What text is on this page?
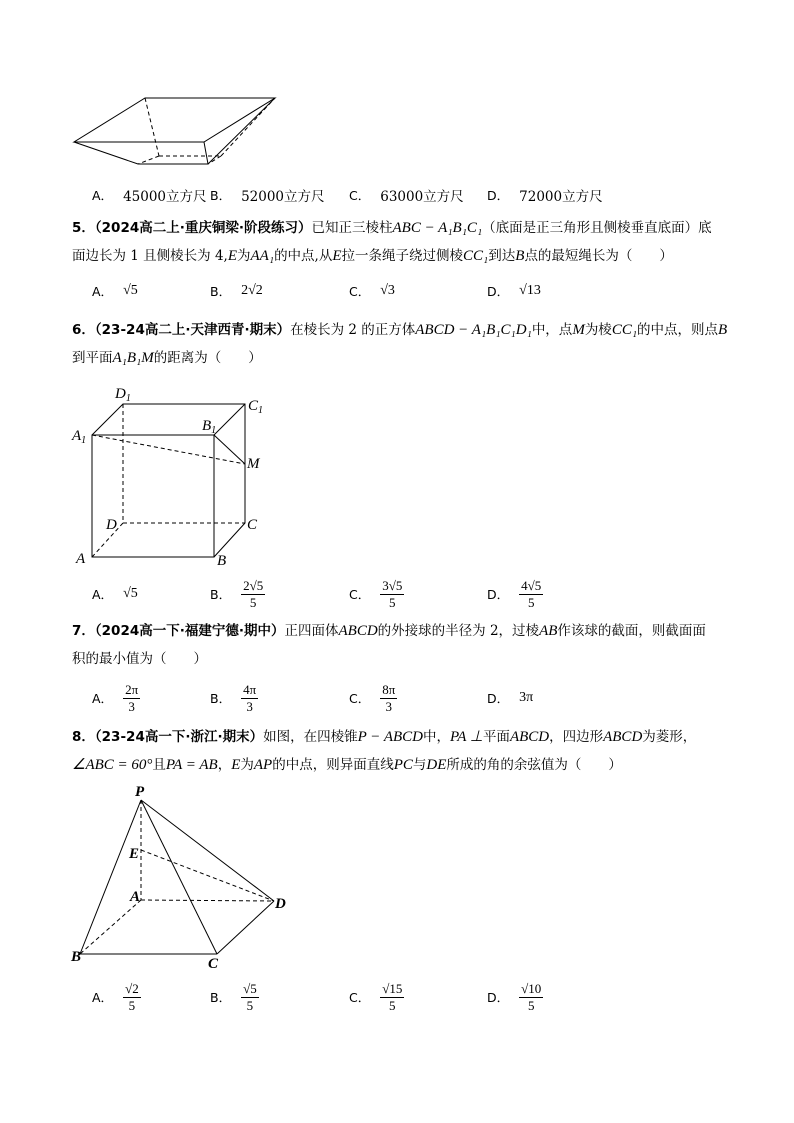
A． 45000立方尺 B． 52000立方尺 C． 63000立方尺 D． 72000立方尺
5．（2024高二上·重庆铜梁·阶段练习）已知正三棱柱ABC − A₁B₁C₁（底面是正三角形且侧棱垂直底面）底
面边长为 1 且侧棱长为 4,E为AA₁的中点,从E拉一条绳子绕过侧棱CC₁到达B点的最短绳长为（　　）
A． √5	B． 2√2	C． √3	D． √13
6．（23-24高二上·天津西青·期末）在棱长为 2 的正方体ABCD − A₁B₁C₁D₁中，点M为棱CC₁的中点，则点B
到平面A₁B₁M的距离为（　　）
$D_1$	$C_1$
$B_1$
$A_1$
M
D	C
A	B
A． √5	B． $\frac{2√5}{5}$	C． $\frac{3√5}{5}$	D． $\frac{4√5}{5}$
7．（2024高一下·福建宁德·期中）正四面体ABCD的外接球的半径为 2，过棱AB作该球的截面，则截面面
积的最小值为（　　）
A． $\frac{2\pi}{3}$	B． $\frac{4\pi}{3}$	C． $\frac{8\pi}{3}$	D． 3π
8．（23-24高一下·浙江·期末）如图，在四棱锥P − ABCD中，PA ⊥平面ABCD，四边形ABCD为菱形，
∠ABC = 60°且PA = AB，E为AP的中点，则异面直线PC与DE所成的角的余弦值为（　　）
P
E
A	D
B	C
A． $\frac{√2}{5}$	B． $\frac{√5}{5}$	C． $\frac{√15}{5}$	D． $\frac{√10}{5}$
